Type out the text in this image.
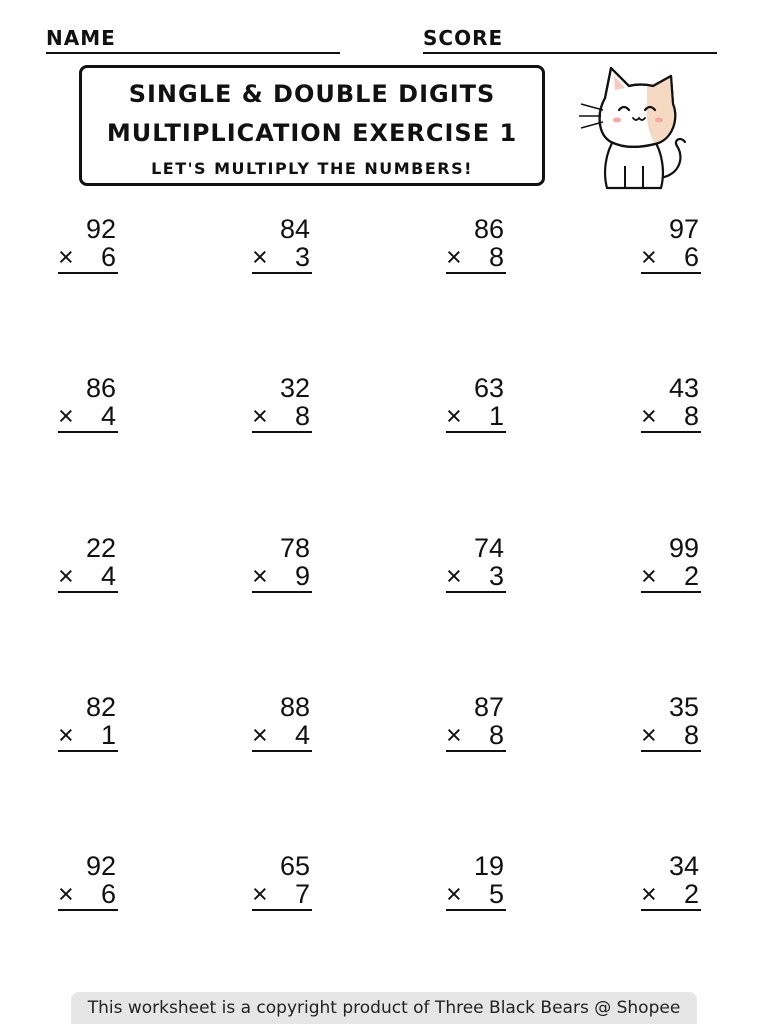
NAME	SCORE
SINGLE & DOUBLE DIGITS
MULTIPLICATION EXERCISE 1
LET'S MULTIPLY THE NUMBERS!
92
× 6
84
× 3
86
× 8
97
× 6
86
× 4
32
× 8
63
× 1
43
× 8
22
× 4
78
× 9
74
× 3
99
× 2
82
× 1
88
× 4
87
× 8
35
× 8
92
× 6
65
× 7
19
× 5
34
× 2
This worksheet is a copyright product of Three Black Bears @ Shopee
